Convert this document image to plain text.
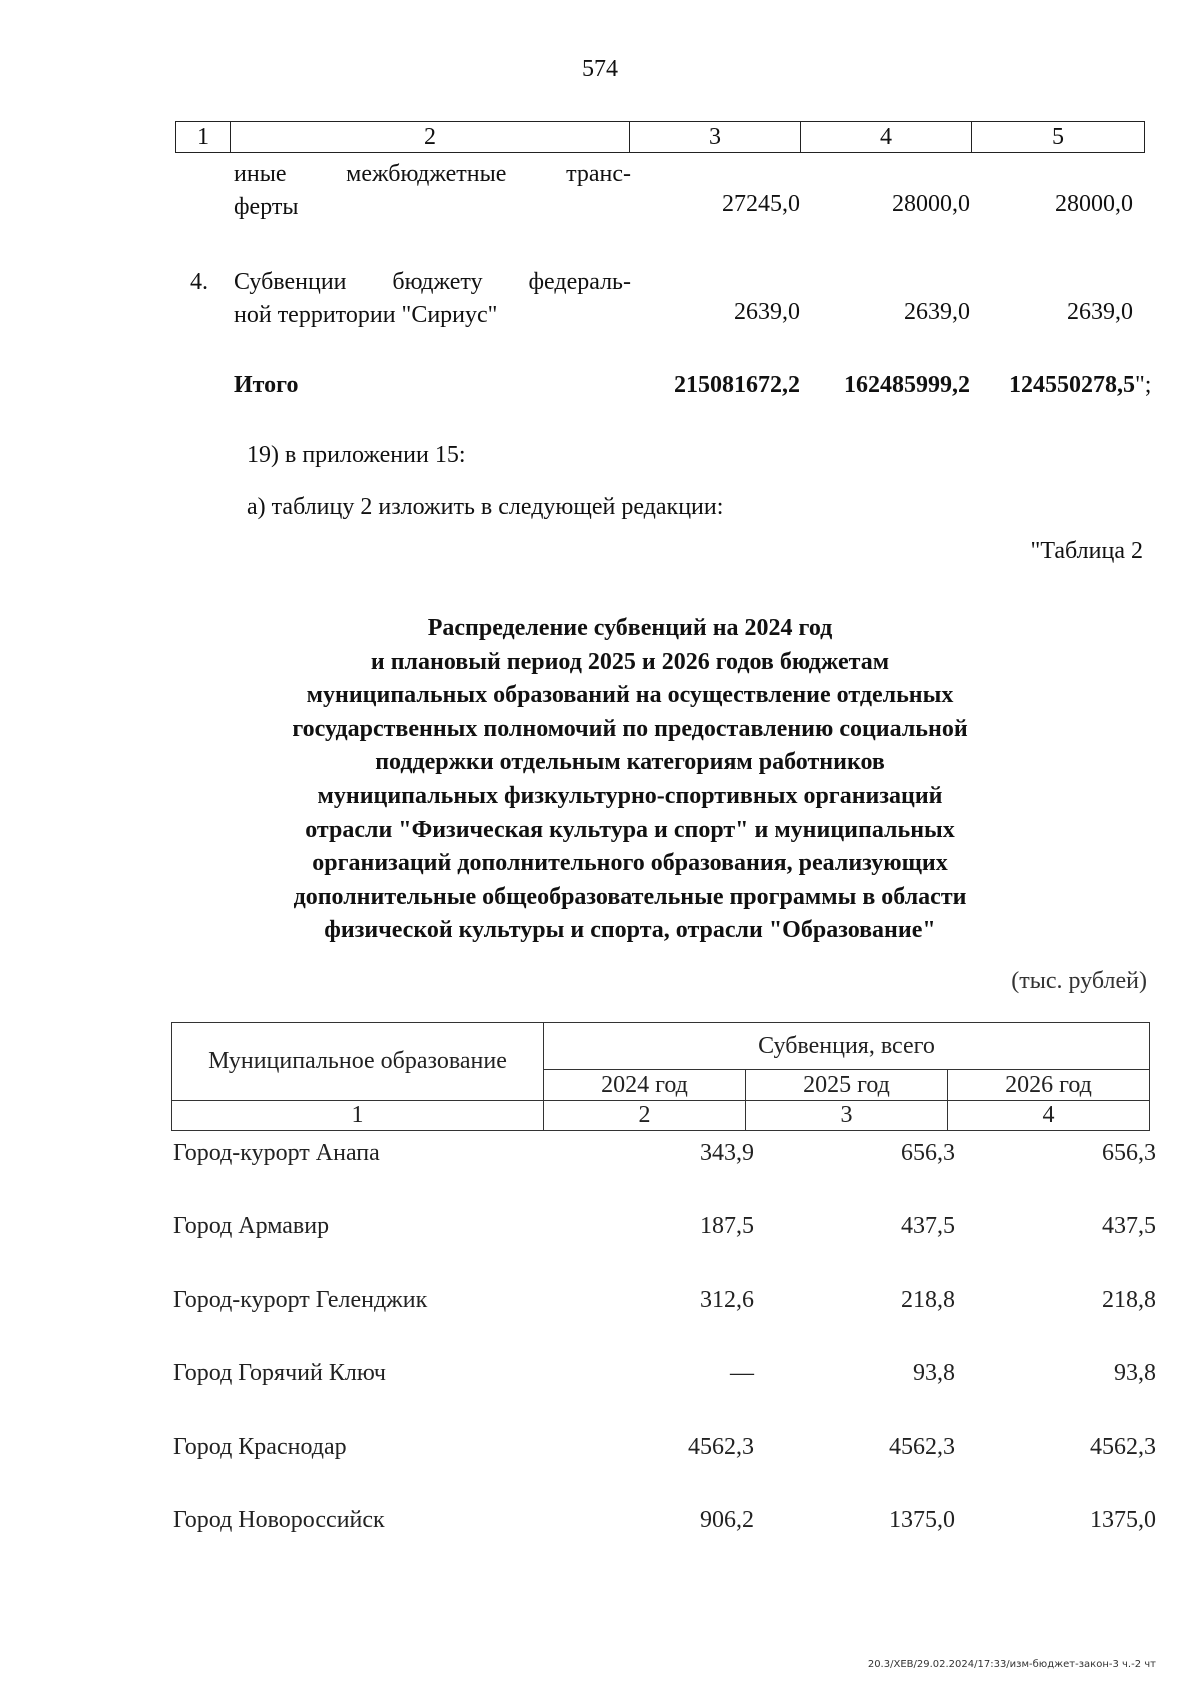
574
1	2	3	4	5
иные межбюджетные транс-
ферты	27245,0	28000,0	28000,0
4. Субвенции бюджету федераль-
ной территории "Сириус"	2639,0	2639,0	2639,0
Итого	215081672,2	162485999,2	124550278,5 ";
19) в приложении 15:
а) таблицу 2 изложить в следующей редакции:
"Таблица 2
Распределение субвенций на 2024 год
и плановый период 2025 и 2026 годов бюджетам
муниципальных образований на осуществление отдельных
государственных полномочий по предоставлению социальной
поддержки отдельным категориям работников
муниципальных физкультурно-спортивных организаций
отрасли "Физическая культура и спорт" и муниципальных
организаций дополнительного образования, реализующих
дополнительные общеобразовательные программы в области
физической культуры и спорта, отрасли "Образование"
(тыс. рублей)
Муниципальное образование	Субвенция, всего		
	2024 год	2025 год	2026 год
1	2	3	4
Город-курорт Анапа	343,9	656,3	656,3
Город Армавир	187,5	437,5	437,5
Город-курорт Геленджик	312,6	218,8	218,8
Город Горячий Ключ	—	93,8	93,8
Город Краснодар	4562,3	4562,3	4562,3
Город Новороссийск	906,2	1375,0	1375,0
20.3/ХЕВ/29.02.2024/17:33/изм-бюджет-закон-3 ч.-2 чт
